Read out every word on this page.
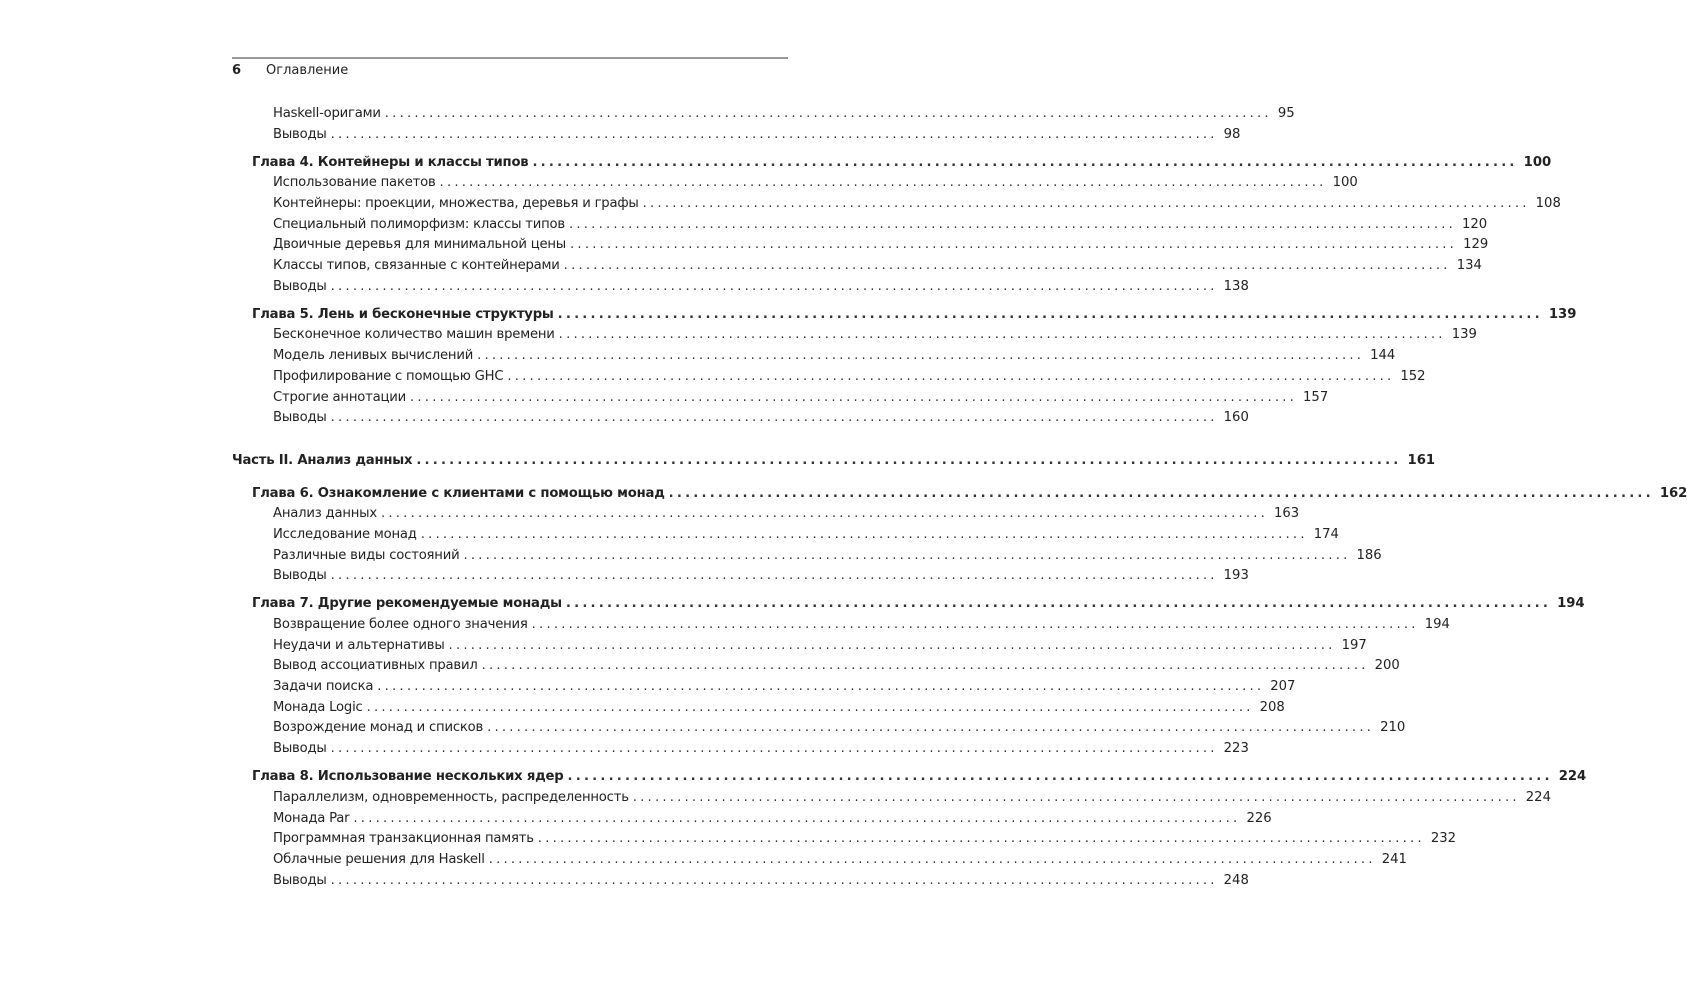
6 Оглавление
Haskell-оригами ........................................................................................................................ 95
Выводы ........................................................................................................................ 98
Глава 4. Контейнеры и классы типов ........................................................................................................................ 100
Использование пакетов ........................................................................................................................ 100
Контейнеры: проекции, множества, деревья и графы ........................................................................................................................ 108
Специальный полиморфизм: классы типов ........................................................................................................................ 120
Двоичные деревья для минимальной цены ........................................................................................................................ 129
Классы типов, связанные с контейнерами ........................................................................................................................ 134
Выводы ........................................................................................................................ 138
Глава 5. Лень и бесконечные структуры ........................................................................................................................ 139
Бесконечное количество машин времени ........................................................................................................................ 139
Модель ленивых вычислений ........................................................................................................................ 144
Профилирование с помощью GHC ........................................................................................................................ 152
Строгие аннотации ........................................................................................................................ 157
Выводы ........................................................................................................................ 160
Часть II. Анализ данных ........................................................................................................................ 161
Глава 6. Ознакомление с клиентами с помощью монад ........................................................................................................................ 162
Анализ данных ........................................................................................................................ 163
Исследование монад ........................................................................................................................ 174
Различные виды состояний ........................................................................................................................ 186
Выводы ........................................................................................................................ 193
Глава 7. Другие рекомендуемые монады ........................................................................................................................ 194
Возвращение более одного значения ........................................................................................................................ 194
Неудачи и альтернативы ........................................................................................................................ 197
Вывод ассоциативных правил ........................................................................................................................ 200
Задачи поиска ........................................................................................................................ 207
Монада Logic ........................................................................................................................ 208
Возрождение монад и списков ........................................................................................................................ 210
Выводы ........................................................................................................................ 223
Глава 8. Использование нескольких ядер ........................................................................................................................ 224
Параллелизм, одновременность, распределенность ........................................................................................................................ 224
Монада Par ........................................................................................................................ 226
Программная транзакционная память ........................................................................................................................ 232
Облачные решения для Haskell ........................................................................................................................ 241
Выводы ........................................................................................................................ 248
